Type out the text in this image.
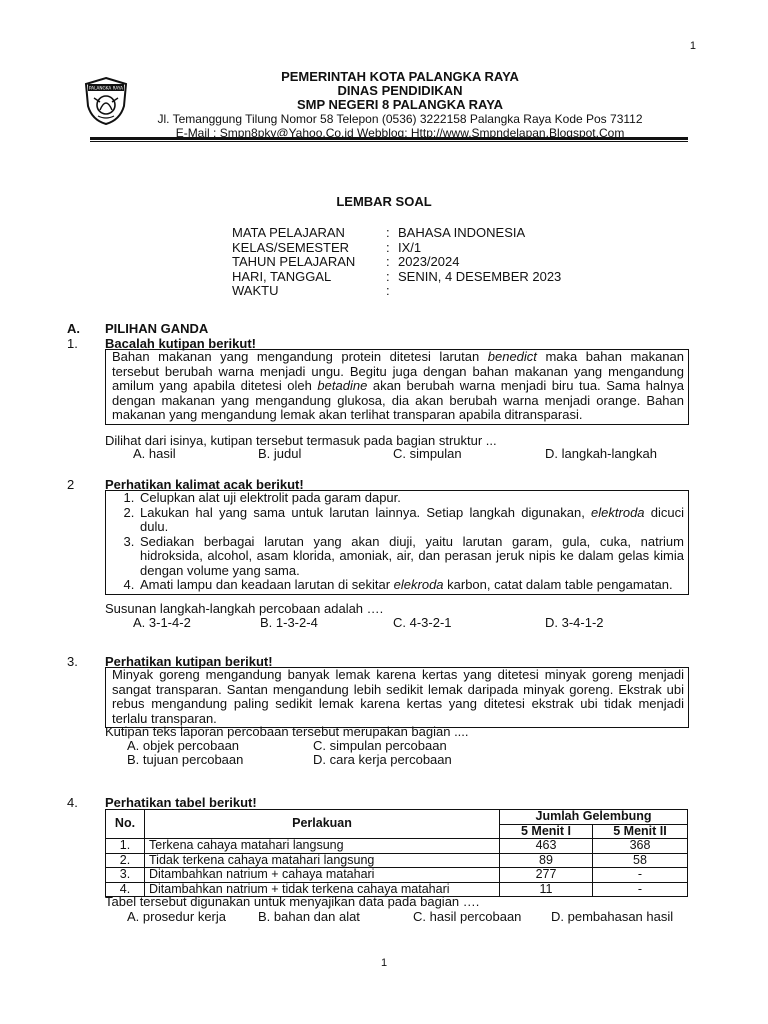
1
PALANGKA RAYA
PEMERINTAH KOTA PALANGKA RAYA
DINAS PENDIDIKAN
SMP NEGERI 8 PALANGKA RAYA
Jl. Temanggung Tilung Nomor 58 Telepon (0536) 3222158 Palangka Raya Kode Pos 73112
E-Mail : Smpn8pky@Yahoo,Co,id Webblog: Http://www.Smpndelapan.Blogspot.Com
LEMBAR SOAL
MATA PELAJARAN	:	BAHASA INDONESIA
KELAS/SEMESTER	:	IX/1
TAHUN PELAJARAN	:	2023/2024
HARI, TANGGAL	:	SENIN, 4 DESEMBER 2023
WAKTU	:	
A. PILIHAN GANDA
1. Bacalah kutipan berikut!
Bahan makanan yang mengandung protein ditetesi larutan benedict maka bahan makanan tersebut berubah warna menjadi ungu. Begitu juga dengan bahan makanan yang mengandung amilum yang apabila ditetesi oleh betadine akan berubah warna menjadi biru tua. Sama halnya dengan makanan yang mengandung glukosa, dia akan berubah warna menjadi orange. Bahan makanan yang mengandung lemak akan terlihat transparan apabila ditransparasi.
Dilihat dari isinya, kutipan tersebut termasuk pada bagian struktur ...
A. hasil	B. judul	C. simpulan	D. langkah-langkah
2 Perhatikan kalimat acak berikut!
1. Celupkan alat uji elektrolit pada garam dapur.
2. Lakukan hal yang sama untuk larutan lainnya. Setiap langkah digunakan, elektroda dicuci dulu.
3. Sediakan berbagai larutan yang akan diuji, yaitu larutan garam, gula, cuka, natrium hidroksida, alcohol, asam klorida, amoniak, air, dan perasan jeruk nipis ke dalam gelas kimia dengan volume yang sama.
4. Amati lampu dan keadaan larutan di sekitar elekroda karbon, catat dalam table pengamatan.
Susunan langkah-langkah percobaan adalah ….
A. 3-1-4-2	B. 1-3-2-4	C. 4-3-2-1	D. 3-4-1-2
3. Perhatikan kutipan berikut!
Minyak goreng mengandung banyak lemak karena kertas yang ditetesi minyak goreng menjadi sangat transparan. Santan mengandung lebih sedikit lemak daripada minyak goreng. Ekstrak ubi rebus mengandung paling sedikit lemak karena kertas yang ditetesi ekstrak ubi tidak menjadi terlalu transparan.
Kutipan teks laporan percobaan tersebut merupakan bagian ....
A. objek percobaan	C. simpulan percobaan
B. tujuan percobaan	D. cara kerja percobaan
4. Perhatikan tabel berikut!
No.	Perlakuan	Jumlah Gelembung	
		5 Menit I	5 Menit II
1.	Terkena cahaya matahari langsung	463	368
2.	Tidak terkena cahaya matahari langsung	89	58
3.	Ditambahkan natrium + cahaya matahari	277	-
4.	Ditambahkan natrium + tidak terkena cahaya matahari	11	-
Tabel tersebut digunakan untuk menyajikan data pada bagian ….
A. prosedur kerja B. bahan dan alat	C. hasil percobaan D. pembahasan hasil
1
